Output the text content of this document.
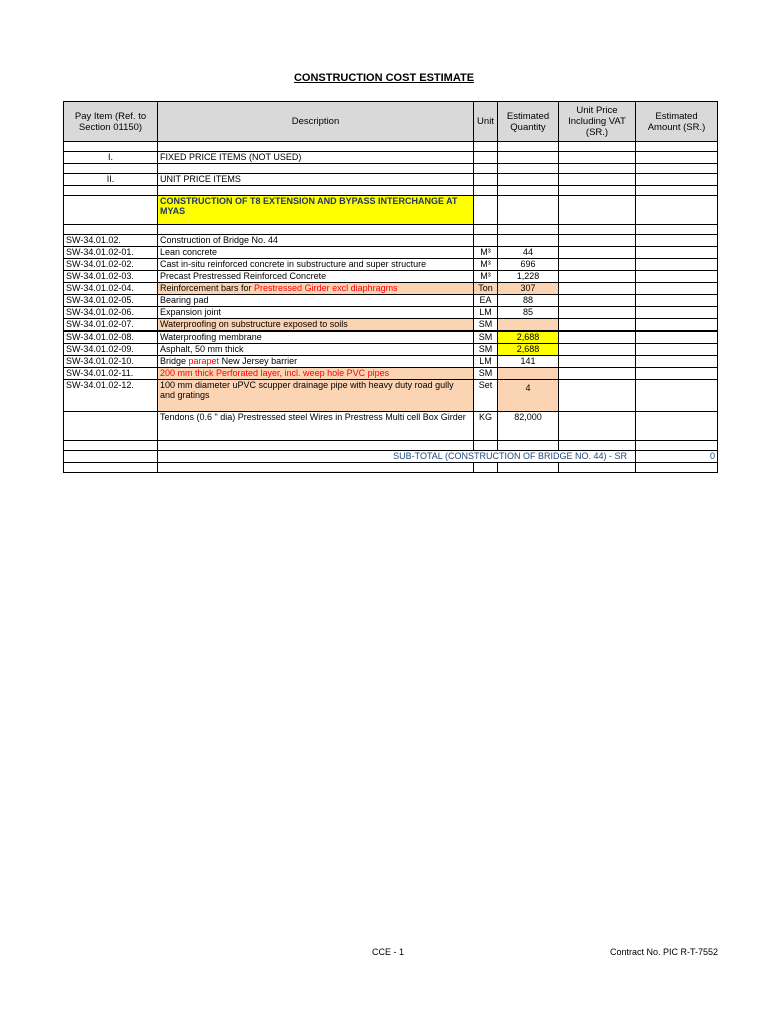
CONSTRUCTION COST ESTIMATE
Pay Item (Ref. to Section 01150)	Description	Unit	Estimated Quantity	Unit Price Including VAT (SR.)	Estimated Amount (SR.)

I.	FIXED PRICE ITEMS (NOT USED)				

II.	UNIT PRICE ITEMS				

	CONSTRUCTION OF T8 EXTENSION AND BYPASS INTERCHANGE AT MYAS				

SW-34.01.02.	Construction of Bridge No. 44				
SW-34.01.02-01.	Lean concrete	M³	44		
SW-34.01.02-02.	Cast in-situ reinforced concrete in substructure and super structure	M³	696		
SW-34.01.02-03.	Precast Prestressed Reinforced Concrete	M³	1,228		
SW-34.01.02-04.	Reinforcement bars for Prestressed Girder excl diaphragms	Ton	307		
SW-34.01.02-05.	Bearing pad	EA	88		
SW-34.01.02-06.	Expansion joint	LM	85		
SW-34.01.02-07.	Waterproofing on substructure exposed to soils	SM			
SW-34.01.02-08.	Waterproofing membrane	SM	2,688		
SW-34.01.02-09.	Asphalt, 50 mm thick	SM	2,688		
SW-34.01.02-10.	Bridge parapet New Jersey barrier	LM	141		
SW-34.01.02-11.	200 mm thick Perforated layer, incl. weep hole PVC pipes	SM			
SW-34.01.02-12.	100 mm diameter uPVC scupper drainage pipe with heavy duty road gully and gratings	Set	4		
	Tendons (0.6 " dia) Prestressed steel Wires in Prestress Multi cell Box Girder	KG	82,000		

	SUB-TOTAL (CONSTRUCTION OF BRIDGE NO. 44) - SR				0

CCE - 1	Contract No. PIC R-T-7552
